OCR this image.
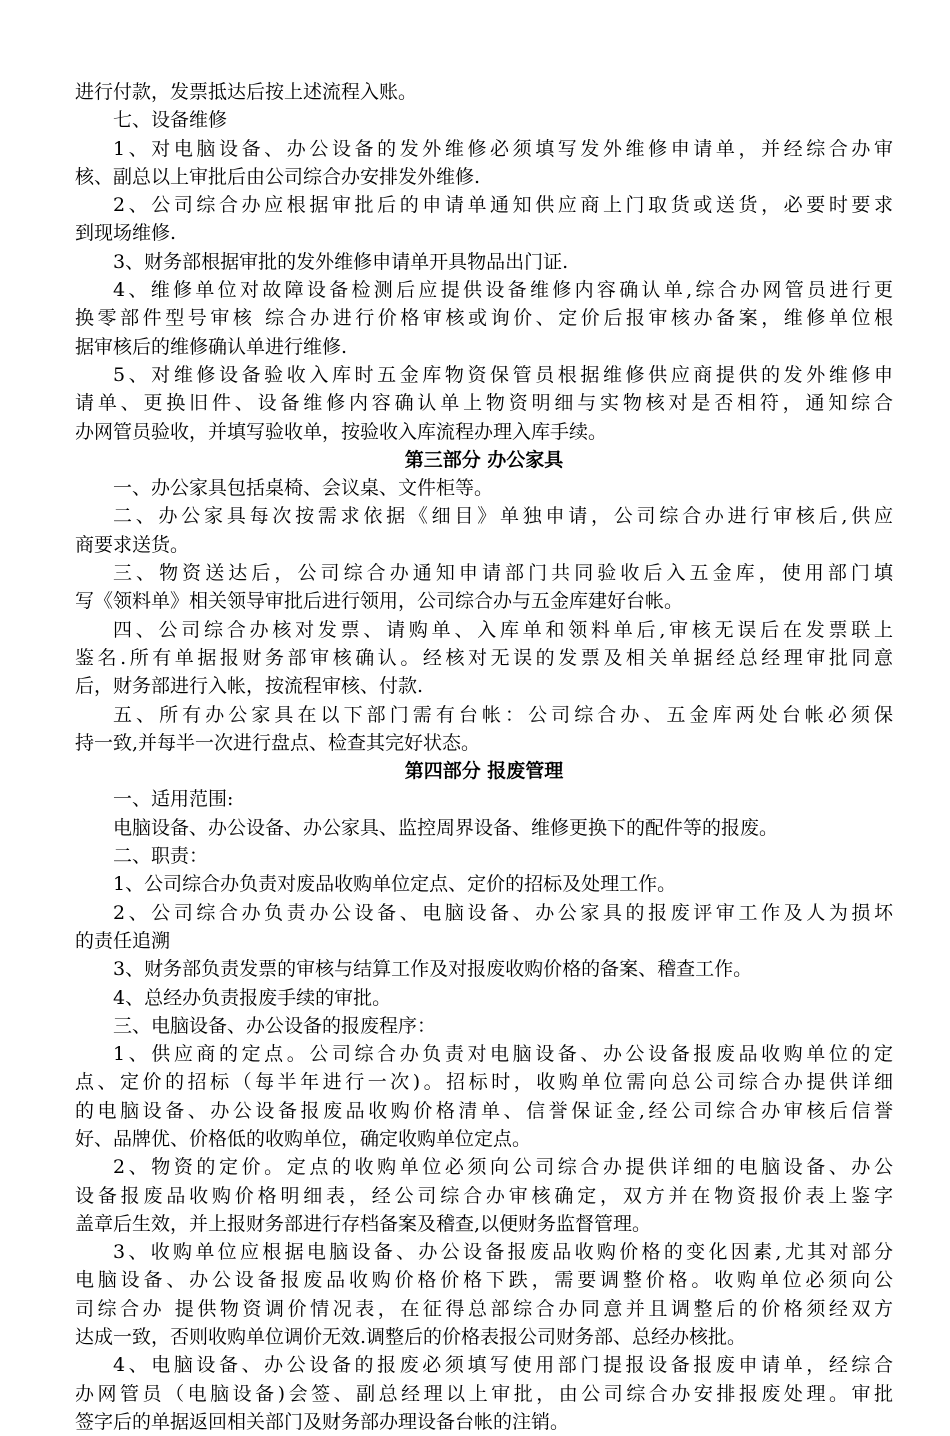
进行付款，发票抵达后按上述流程入账。
七、设备维修
1、对电脑设备、办公设备的发外维修必须填写发外维修申请单，并经综合办审
核、副总以上审批后由公司综合办安排发外维修.
2、公司综合办应根据审批后的申请单通知供应商上门取货或送货，必要时要求
到现场维修.
3、财务部根据审批的发外维修申请单开具物品出门证.
4、维修单位对故障设备检测后应提供设备维修内容确认单,综合办网管员进行更
换零部件型号审核 综合办进行价格审核或询价、定价后报审核办备案，维修单位根
据审核后的维修确认单进行维修.
5、对维修设备验收入库时五金库物资保管员根据维修供应商提供的发外维修申
请单、更换旧件、设备维修内容确认单上物资明细与实物核对是否相符，通知综合
办网管员验收，并填写验收单，按验收入库流程办理入库手续。
第三部分 办公家具
一、办公家具包括桌椅、会议桌、文件柜等。
二、办公家具每次按需求依据《细目》单独申请，公司综合办进行审核后,供应
商要求送货。
三、物资送达后，公司综合办通知申请部门共同验收后入五金库，使用部门填
写《领料单》相关领导审批后进行领用，公司综合办与五金库建好台帐。
四、公司综合办核对发票、请购单、入库单和领料单后,审核无误后在发票联上
鉴名.所有单据报财务部审核确认。经核对无误的发票及相关单据经总经理审批同意
后，财务部进行入帐，按流程审核、付款.
五、所有办公家具在以下部门需有台帐：公司综合办、五金库两处台帐必须保
持一致,并每半一次进行盘点、检查其完好状态。
第四部分 报废管理
一、适用范围:
电脑设备、办公设备、办公家具、监控周界设备、维修更换下的配件等的报废。
二、职责：
1、公司综合办负责对废品收购单位定点、定价的招标及处理工作。
2、公司综合办负责办公设备、电脑设备、办公家具的报废评审工作及人为损坏
的责任追溯
3、财务部负责发票的审核与结算工作及对报废收购价格的备案、稽查工作。
4、总经办负责报废手续的审批。
三、电脑设备、办公设备的报废程序：
1、供应商的定点。公司综合办负责对电脑设备、办公设备报废品收购单位的定
点、定价的招标（每半年进行一次)。招标时，收购单位需向总公司综合办提供详细
的电脑设备、办公设备报废品收购价格清单、信誉保证金,经公司综合办审核后信誉
好、品牌优、价格低的收购单位，确定收购单位定点。
2、物资的定价。定点的收购单位必须向公司综合办提供详细的电脑设备、办公
设备报废品收购价格明细表，经公司综合办审核确定，双方并在物资报价表上鉴字
盖章后生效，并上报财务部进行存档备案及稽查,以便财务监督管理。
3、收购单位应根据电脑设备、办公设备报废品收购价格的变化因素,尤其对部分
电脑设备、办公设备报废品收购价格价格下跌，需要调整价格。收购单位必须向公
司综合办 提供物资调价情况表，在征得总部综合办同意并且调整后的价格须经双方
达成一致，否则收购单位调价无效.调整后的价格表报公司财务部、总经办核批。
4、电脑设备、办公设备的报废必须填写使用部门提报设备报废申请单，经综合
办网管员（电脑设备)会签、副总经理以上审批，由公司综合办安排报废处理。审批
签字后的单据返回相关部门及财务部办理设备台帐的注销。
